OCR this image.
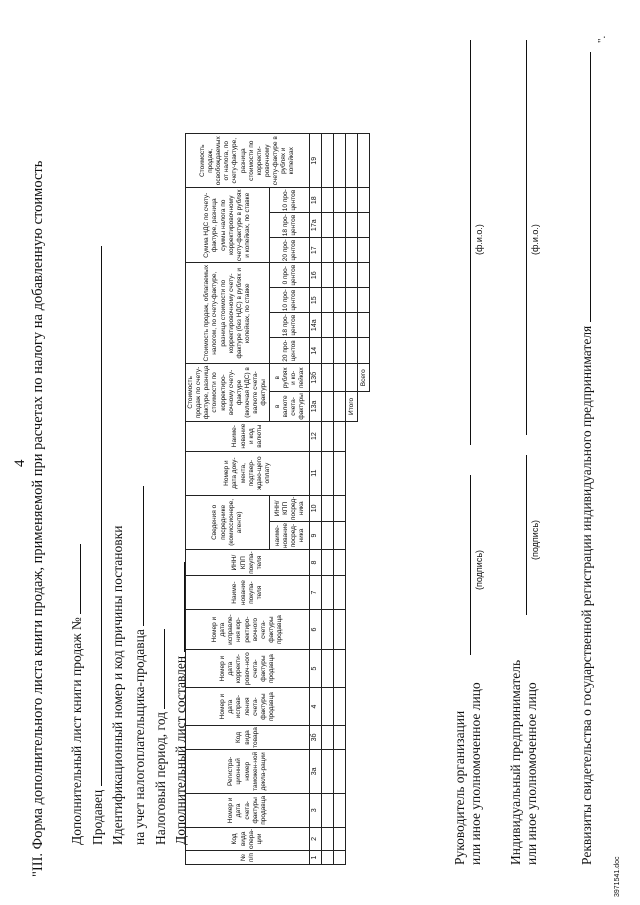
4 "III. Форма дополнительного листа книги продаж, применяемой при расчетах по налогу на добавленную стоимость Дополнительный лист книги продаж № Продавец Идентификационный номер и код причины постановки на учет налогоплательщика-продавца Налоговый период, год Дополнительный лист составлен
№ п/п	Код вида опера-ции	Номер и дата счета-фактуры продавца	Регистра-ционный номер таможен-ной декла-рации	Код вида товара	Номер и дата исправ-ления счета-фактуры продавца	Номер и дата корректи-ровоч-ного счета-фактуры продавца	Номер и дата исправле-ния кор-ректиро-вочного счета-фактуры продавца	Наиме-нование покупа-теля	ИНН/ КПП покупа-теля	Сведения о посреднике (комиссионере, агенте)		Номер и дата доку-мента, подтвер-ждаю-щего оплату	Наиме-нование и код валюты	Стоимость продаж по счету-фактуре, разница стоимости по корректиро-вочному счету-фактуре (включая НДС) в валюте счета-фактуры		Стоимость продаж, облагаемых налогом, по счету-фактуре, разница стоимости по корректировочному счету-фактуре (без НДС) в рублях и копейках, по ставке				Сумма НДС по счету-фактуре, разница суммы налога по корректировочному счету-фактуре в рублях и копейках, по ставке			Стоимость продаж, освобождаемых от налога, по счету-фактуре, разница стоимости по корректи-ровочному счету-фактуре в рублях и копейках
										наиме-нование посред-ника	ИНН/ КПП посред-ника			в валюте счета-фактуры	в рублях и ко-пейках	20 про-центов	18 про-центов	10 про-центов	0 про-центов	20 про-центов	18 про-центов	10 про-центов	
1	2	3	3а	3б	4	5	6	7	8	9	10	11	12	13а	13б	14	14а	15	16	17	17а	18	19

														Итого									
															Всего								
Руководитель организации или иное уполномоченное лицо
(подпись)
(ф.и.о.)
Индивидуальный предприниматель или иное уполномоченное лицо
(подпись)
(ф.и.о.)
Реквизиты свидетельства о государственной регистрации индивидуального предпринимателя
".
3971541.doc
